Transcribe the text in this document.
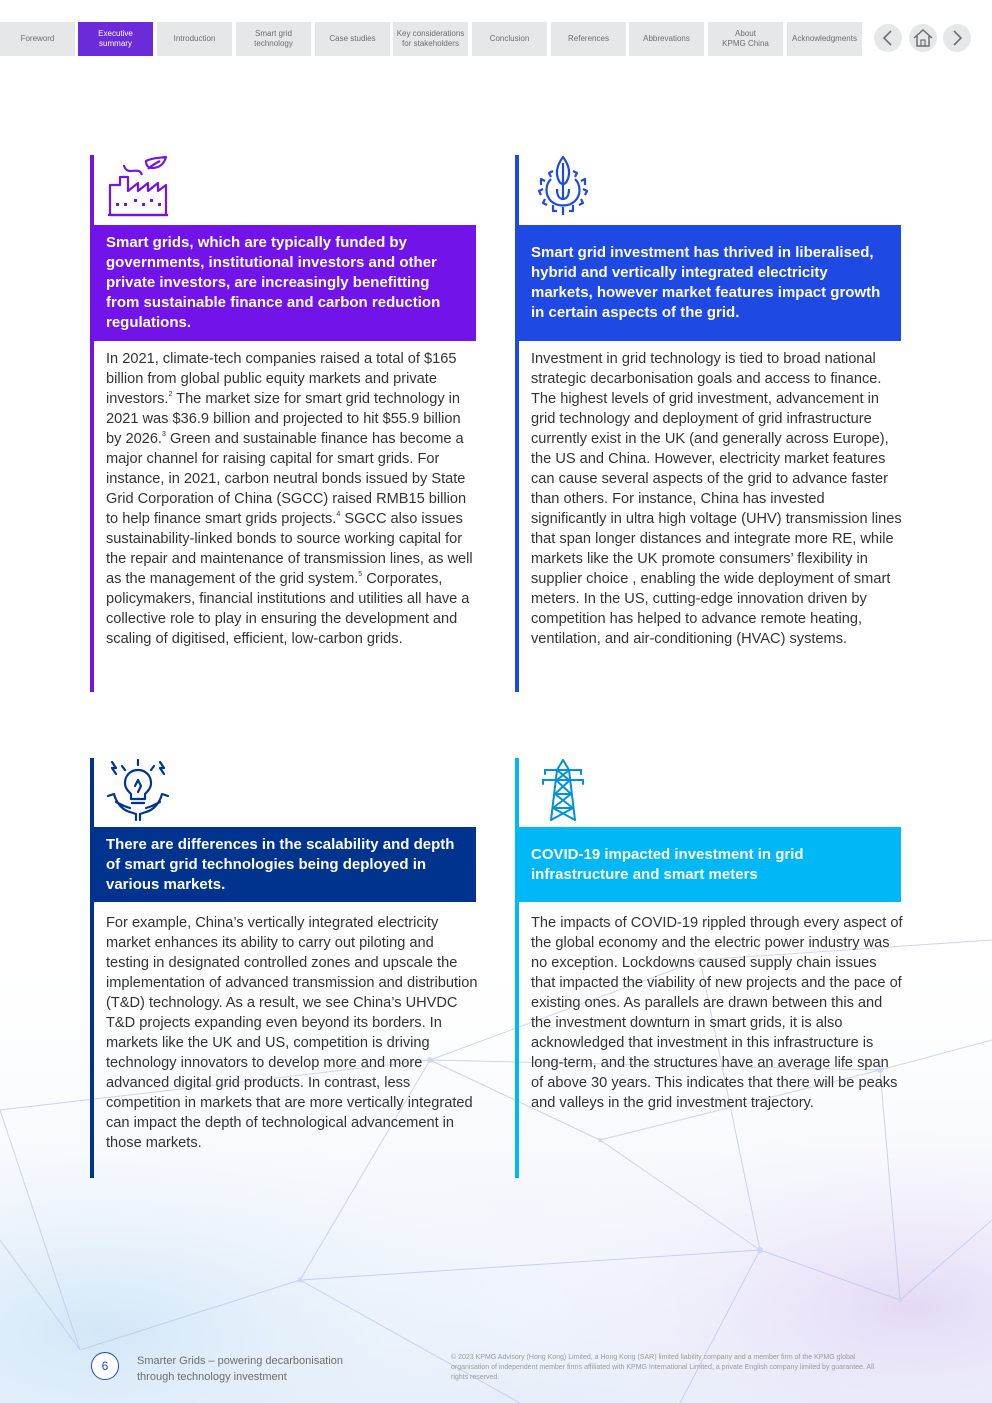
Foreword
Executive
summary
Introduction
Smart grid
technology
Case studies
Key considerations
for stakeholders
Conclusion	References	Abbrevations
About
KPMG China
Acknowledgments
Smart grids, which are typically funded by governments, institutional investors and other private investors, are increasingly benefitting from sustainable finance and carbon reduction regulations.
In 2021, climate-tech companies raised a total of $165 billion from global public equity markets and private investors.$^2$ The market size for smart grid technology in 2021 was $36.9 billion and projected to hit $55.9 billion by 2026.$^3$ Green and sustainable finance has become a major channel for raising capital for smart grids. For instance, in 2021, carbon neutral bonds issued by State Grid Corporation of China (SGCC) raised RMB15 billion to help finance smart grids projects.$^4$ SGCC also issues sustainability-linked bonds to source working capital for the repair and maintenance of transmission lines, as well as the management of the grid system.$^5$ Corporates, policymakers, financial institutions and utilities all have a collective role to play in ensuring the development and scaling of digitised, efficient, low-carbon grids.
Smart grid investment has thrived in liberalised, hybrid and vertically integrated electricity markets, however market features impact growth in certain aspects of the grid.
Investment in grid technology is tied to broad national strategic decarbonisation goals and access to finance. The highest levels of grid investment, advancement in grid technology and deployment of grid infrastructure currently exist in the UK (and generally across Europe), the US and China. However, electricity market features can cause several aspects of the grid to advance faster than others. For instance, China has invested significantly in ultra high voltage (UHV) transmission lines that span longer distances and integrate more RE, while markets like the UK promote consumers’ flexibility in supplier choice , enabling the wide deployment of smart meters. In the US, cutting-edge innovation driven by competition has helped to advance remote heating, ventilation, and air-conditioning (HVAC) systems.
There are differences in the scalability and depth of smart grid technologies being deployed in various markets.
For example, China’s vertically integrated electricity market enhances its ability to carry out piloting and testing in designated controlled zones and upscale the implementation of advanced transmission and distribution (T&D) technology. As a result, we see China’s UHVDC T&D projects expanding even beyond its borders. In markets like the UK and US, competition is driving technology innovators to develop more and more advanced digital grid products. In contrast, less competition in markets that are more vertically integrated can impact the depth of technological advancement in those markets.
COVID-19 impacted investment in grid infrastructure and smart meters
The impacts of COVID-19 rippled through every aspect of the global economy and the electric power industry was no exception. Lockdowns caused supply chain issues that impacted the viability of new projects and the pace of existing ones. As parallels are drawn between this and the investment downturn in smart grids, it is also acknowledged that investment in this infrastructure is long-term, and the structures have an average life span of above 30 years. This indicates that there will be peaks and valleys in the grid investment trajectory.
6	Smarter Grids – powering decarbonisation through technology investment
© 2023 KPMG Advisory (Hong Kong) Limited, a Hong Kong (SAR) limited liability company and a member firm of the KPMG global organisation of independent member firms affiliated with KPMG International Limited, a private English company limited by guarantee. All rights reserved.
